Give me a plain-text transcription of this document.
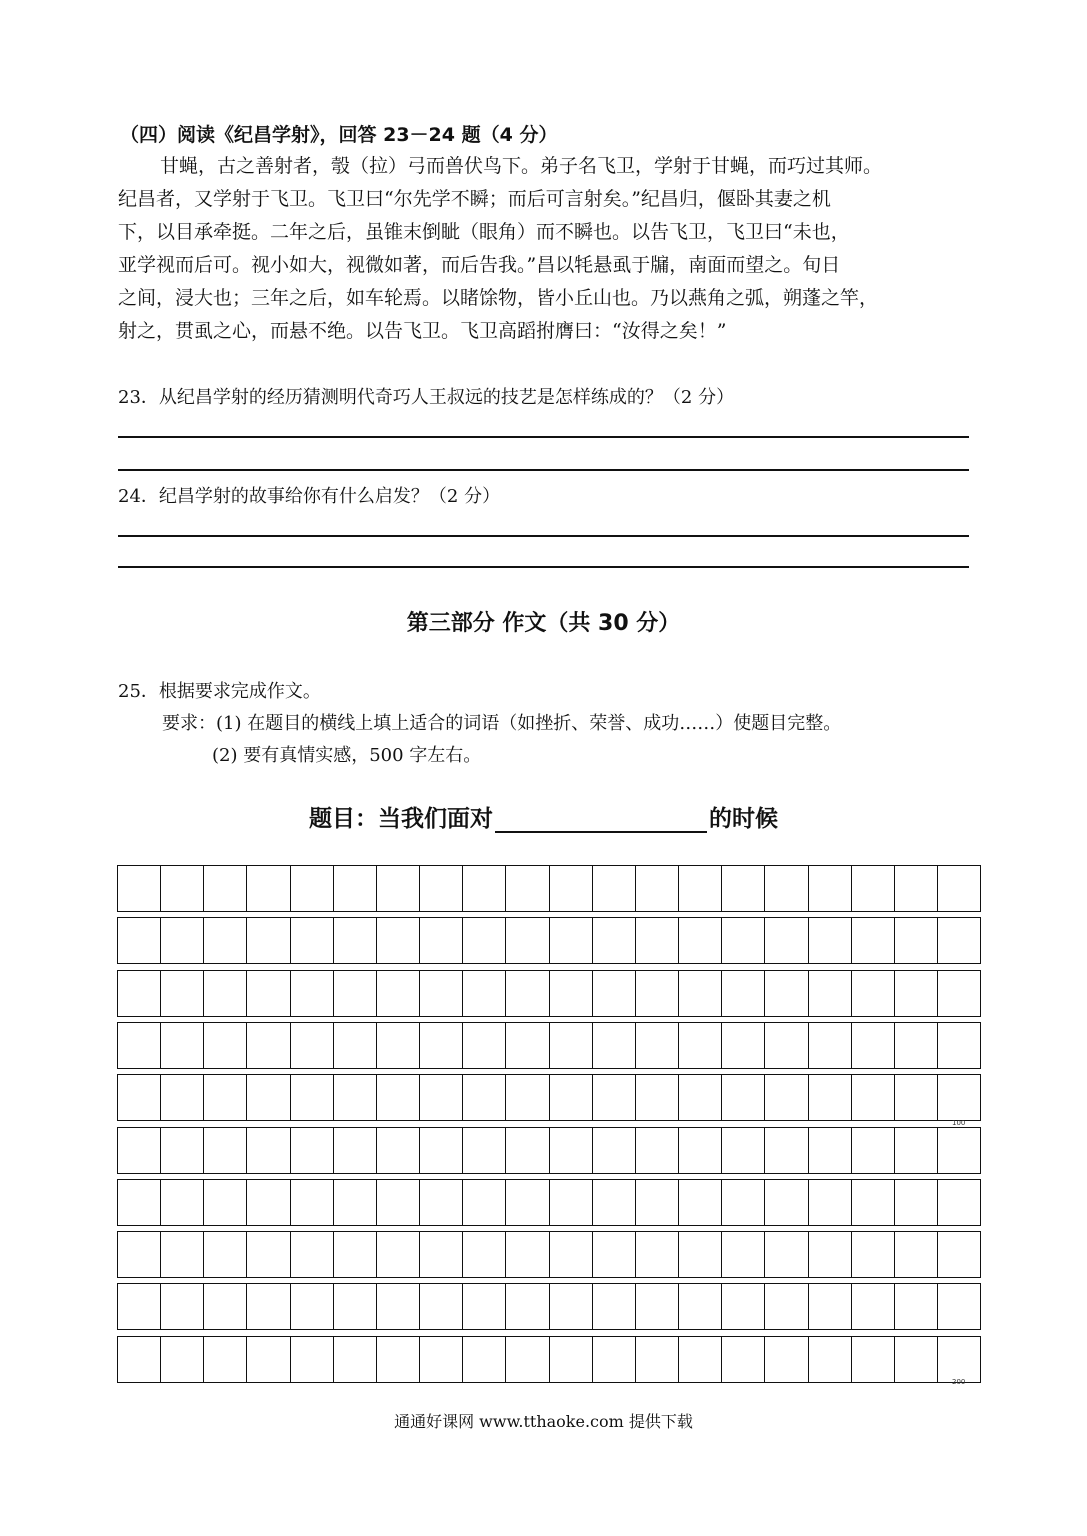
（四）阅读《纪昌学射》，回答 23－24 题（4 分）
甘蝇，古之善射者，彀（拉）弓而兽伏鸟下。弟子名飞卫，学射于甘蝇，而巧过其师。
纪昌者，又学射于飞卫。飞卫曰“尔先学不瞬；而后可言射矣。”纪昌归，偃卧其妻之机
下，以目承牵挺。二年之后，虽锥末倒眦（眼角）而不瞬也。以告飞卫，飞卫曰“未也，
亚学视而后可。视小如大，视微如著，而后告我。”昌以牦悬虱于牖，南面而望之。旬日
之间，浸大也；三年之后，如车轮焉。以睹馀物，皆小丘山也。乃以燕角之弧，朔蓬之竿，
射之，贯虱之心，而悬不绝。以告飞卫。飞卫高蹈拊膺曰：“汝得之矣！”
23．从纪昌学射的经历猜测明代奇巧人王叔远的技艺是怎样练成的？（2 分）
24．纪昌学射的故事给你有什么启发？（2 分）
第三部分 作文（共 30 分）
25．根据要求完成作文。
要求：(1) 在题目的横线上填上适合的词语（如挫折、荣誉、成功……）使题目完整。
(2) 要有真情实感，500 字左右。
题目：当我们面对	的时候
100
200
通通好课网 www.tthaoke.com 提供下载
